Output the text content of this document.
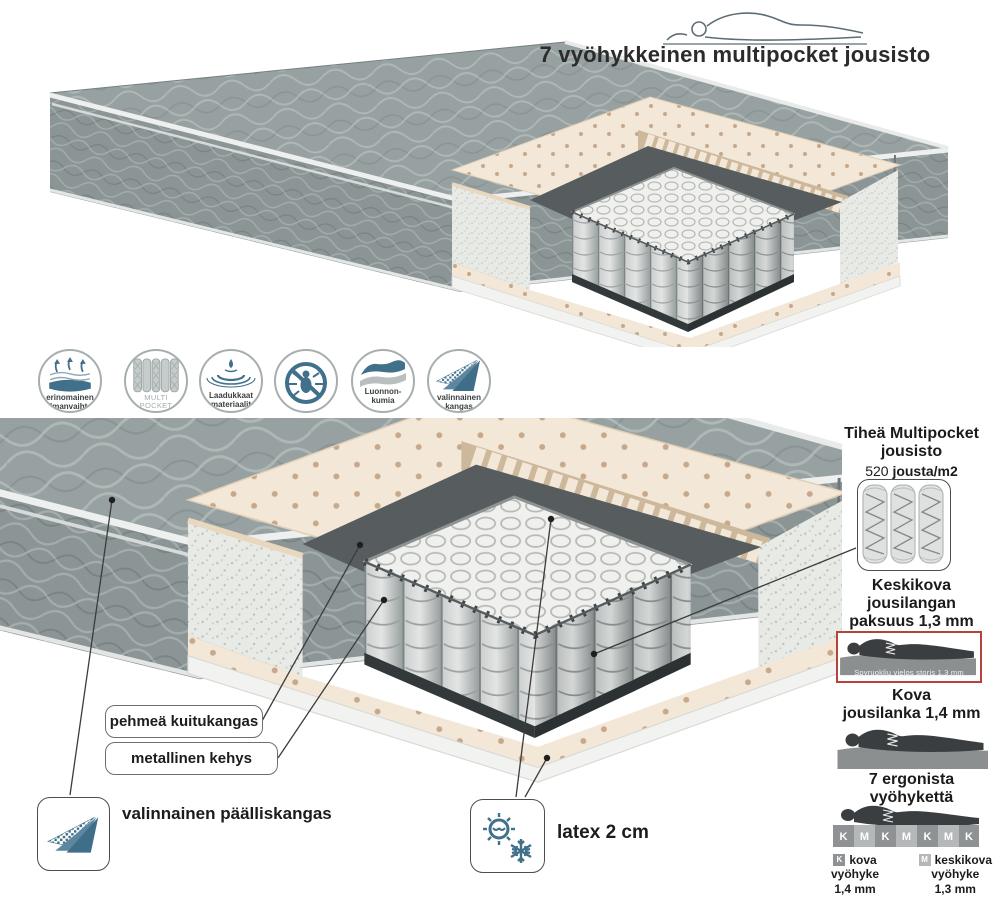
7 vyöhykkeinen multipocket jousisto
erinomainen ilmanvaihto
MULTI POCKET
Laadukkaat materiaalit
Luonnon-kumia	valinnainen kangas
pehmeä kuitukangas
metallinen kehys
valinnainen päälliskangas
latex 2 cm
Tiheä Multipocket
jousisto
520 jousta/m2
Keskikova
jousilangan
paksuus 1,3 mm
Spyruoklių vielos storis 1,3 mm
Kova
jousilanka 1,4 mm
7 ergonista
vyöhykettä
K M K M K M K
K kova
vyöhyke
1,4 mm
M keskikova
vyöhyke
1,3 mm
